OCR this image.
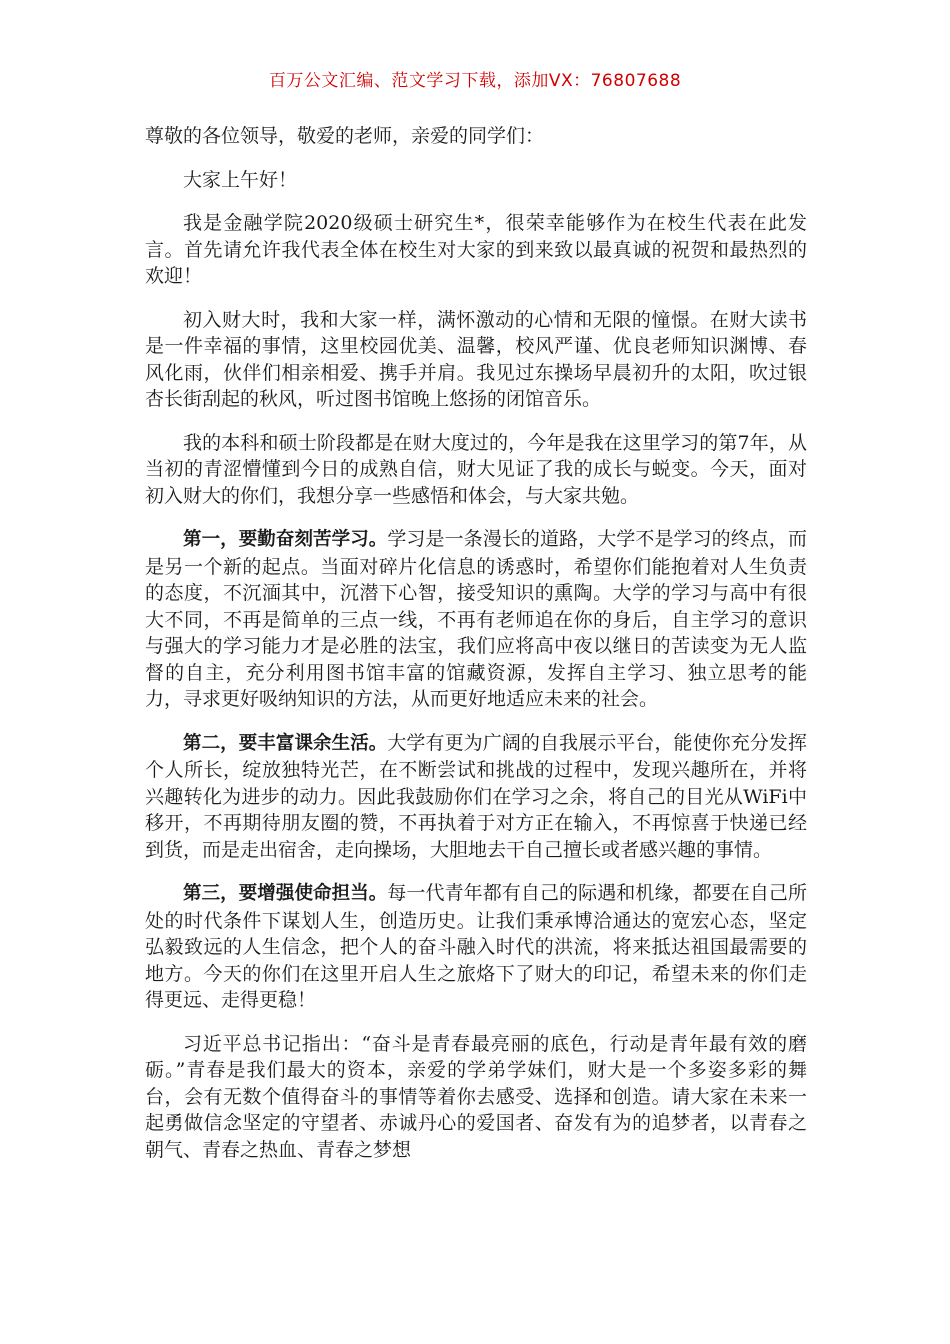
百万公文汇编、范文学习下载，添加VX：76807688

尊敬的各位领导，敬爱的老师，亲爱的同学们：

大家上午好！

我是金融学院2020级硕士研究生*，很荣幸能够作为在校生代表在此发言。首先请允许我代表全体在校生对大家的到来致以最真诚的祝贺和最热烈的欢迎！

初入财大时，我和大家一样，满怀激动的心情和无限的憧憬。在财大读书是一件幸福的事情，这里校园优美、温馨，校风严谨、优良老师知识渊博、春风化雨，伙伴们相亲相爱、携手并肩。我见过东操场早晨初升的太阳，吹过银杏长街刮起的秋风，听过图书馆晚上悠扬的闭馆音乐。

我的本科和硕士阶段都是在财大度过的，今年是我在这里学习的第7年，从当初的青涩懵懂到今日的成熟自信，财大见证了我的成长与蜕变。今天，面对初入财大的你们，我想分享一些感悟和体会，与大家共勉。

第一，要勤奋刻苦学习。学习是一条漫长的道路，大学不是学习的终点，而是另一个新的起点。当面对碎片化信息的诱惑时，希望你们能抱着对人生负责的态度，不沉湎其中，沉潜下心智，接受知识的熏陶。大学的学习与高中有很大不同，不再是简单的三点一线，不再有老师追在你的身后，自主学习的意识与强大的学习能力才是必胜的法宝，我们应将高中夜以继日的苦读变为无人监督的自主，充分利用图书馆丰富的馆藏资源，发挥自主学习、独立思考的能力，寻求更好吸纳知识的方法，从而更好地适应未来的社会。

第二，要丰富课余生活。大学有更为广阔的自我展示平台，能使你充分发挥个人所长，绽放独特光芒，在不断尝试和挑战的过程中，发现兴趣所在，并将兴趣转化为进步的动力。因此我鼓励你们在学习之余，将自己的目光从WiFi中移开，不再期待朋友圈的赞，不再执着于对方正在输入，不再惊喜于快递已经到货，而是走出宿舍，走向操场，大胆地去干自己擅长或者感兴趣的事情。

第三，要增强使命担当。每一代青年都有自己的际遇和机缘，都要在自己所处的时代条件下谋划人生，创造历史。让我们秉承博洽通达的宽宏心态，坚定弘毅致远的人生信念，把个人的奋斗融入时代的洪流，将来抵达祖国最需要的地方。今天的你们在这里开启人生之旅烙下了财大的印记，希望未来的你们走得更远、走得更稳！

习近平总书记指出：“奋斗是青春最亮丽的底色，行动是青年最有效的磨砺。”青春是我们最大的资本，亲爱的学弟学妹们，财大是一个多姿多彩的舞台，会有无数个值得奋斗的事情等着你去感受、选择和创造。请大家在未来一起勇做信念坚定的守望者、赤诚丹心的爱国者、奋发有为的追梦者，以青春之朝气、青春之热血、青春之梦想
